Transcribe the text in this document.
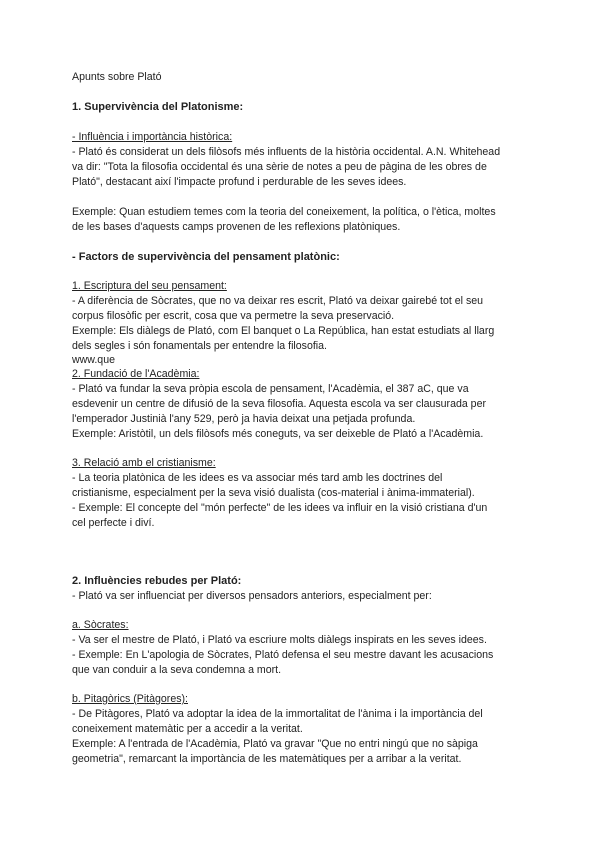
Apunts sobre Plató
1. Supervivència del Platonisme:
- Influència i importància històrica:
- Plató és considerat un dels filòsofs més influents de la història occidental. A.N. Whitehead
va dir: "Tota la filosofia occidental és una sèrie de notes a peu de pàgina de les obres de
Plató", destacant així l'impacte profund i perdurable de les seves idees.
Exemple: Quan estudiem temes com la teoria del coneixement, la política, o l'ètica, moltes
de les bases d'aquests camps provenen de les reflexions platòniques.
- Factors de supervivència del pensament platònic:
1. Escriptura del seu pensament:
- A diferència de Sòcrates, que no va deixar res escrit, Plató va deixar gairebé tot el seu
corpus filosòfic per escrit, cosa que va permetre la seva preservació.
Exemple: Els diàlegs de Plató, com El banquet o La República, han estat estudiats al llarg
dels segles i són fonamentals per entendre la filosofia.
www.que
2. Fundació de l'Acadèmia:
- Plató va fundar la seva pròpia escola de pensament, l'Acadèmia, el 387 aC, que va
esdevenir un centre de difusió de la seva filosofia. Aquesta escola va ser clausurada per
l'emperador Justinià l'any 529, però ja havia deixat una petjada profunda.
Exemple: Aristòtil, un dels filòsofs més coneguts, va ser deixeble de Plató a l'Acadèmia.
3. Relació amb el cristianisme:
- La teoria platònica de les idees es va associar més tard amb les doctrines del
cristianisme, especialment per la seva visió dualista (cos-material i ànima-immaterial).
- Exemple: El concepte del "món perfecte" de les idees va influir en la visió cristiana d'un
cel perfecte i diví.
2. Influències rebudes per Plató:
- Plató va ser influenciat per diversos pensadors anteriors, especialment per:
a. Sòcrates:
- Va ser el mestre de Plató, i Plató va escriure molts diàlegs inspirats en les seves idees.
- Exemple: En L'apologia de Sòcrates, Plató defensa el seu mestre davant les acusacions
que van conduir a la seva condemna a mort.
b. Pitagòrics (Pitàgores):
- De Pitàgores, Plató va adoptar la idea de la immortalitat de l'ànima i la importància del
coneixement matemàtic per a accedir a la veritat.
Exemple: A l'entrada de l'Acadèmia, Plató va gravar "Que no entri ningú que no sàpiga
geometria", remarcant la importància de les matemàtiques per a arribar a la veritat.
